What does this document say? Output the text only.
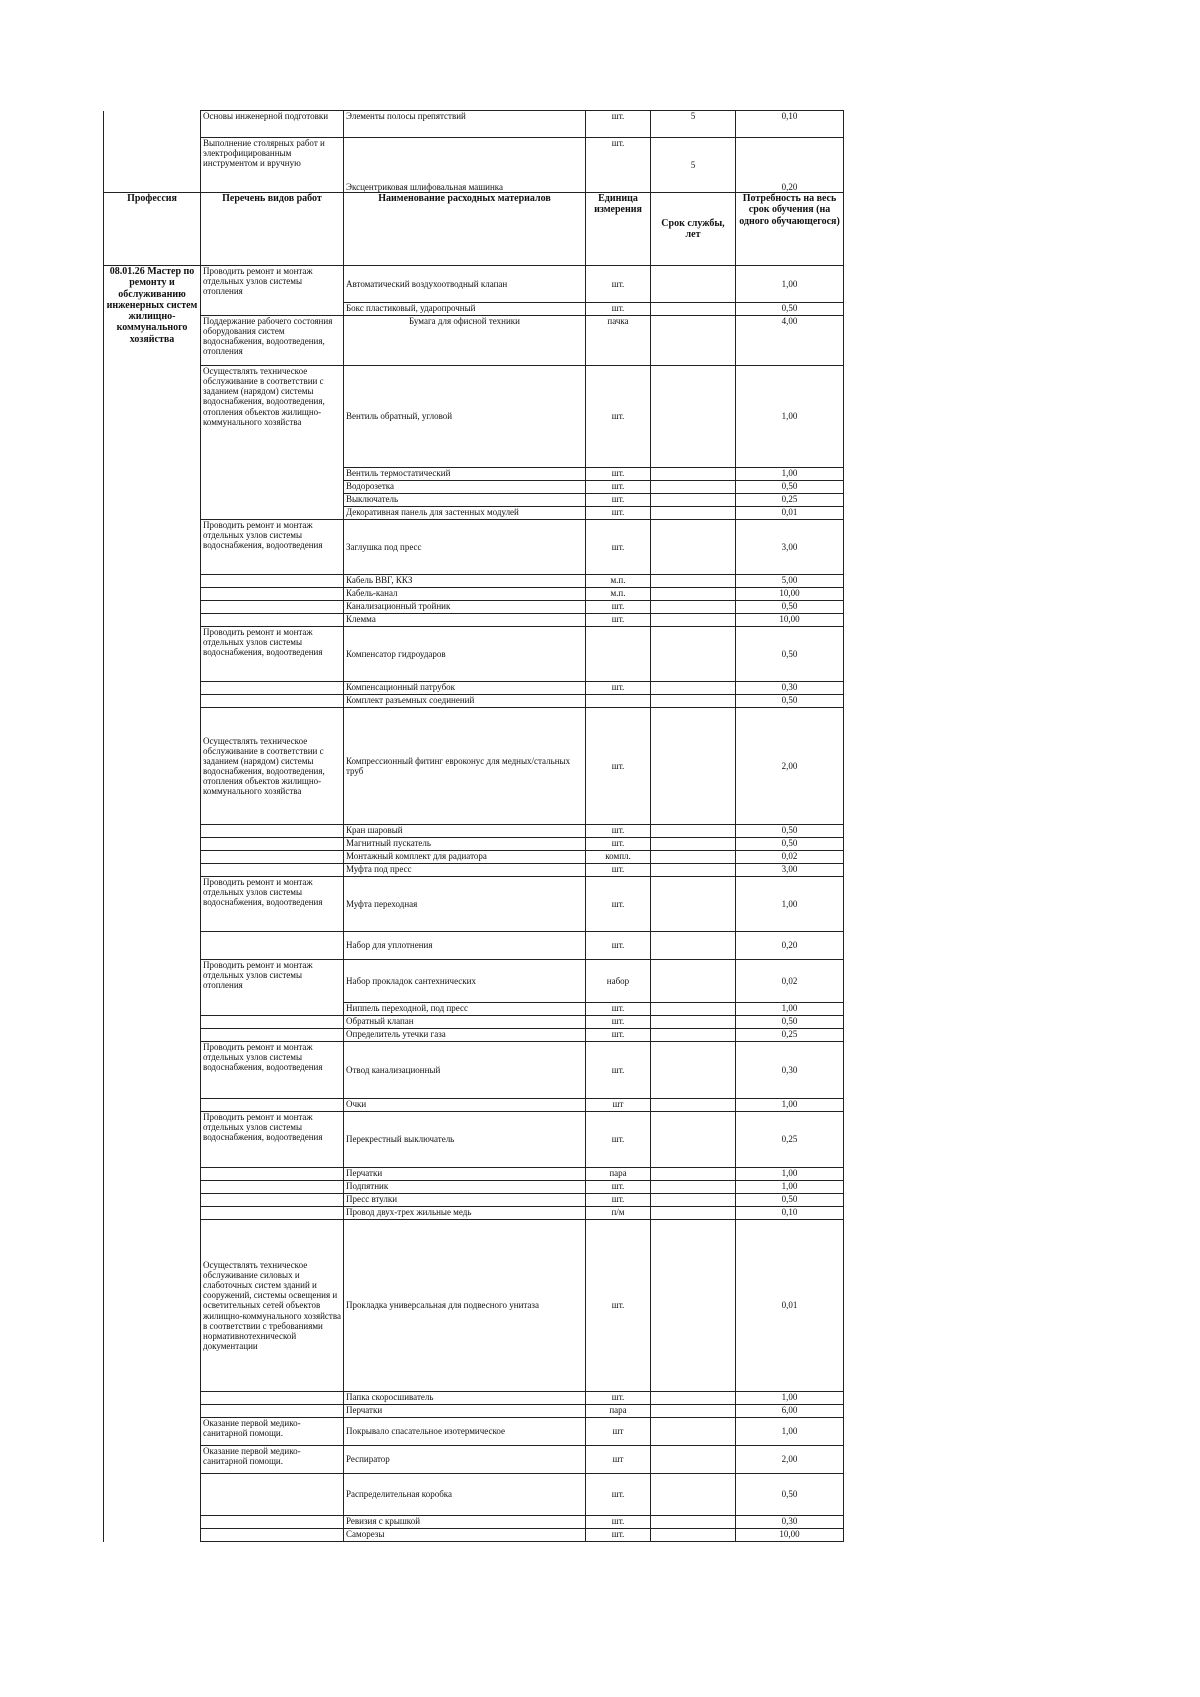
	Основы инженерной подготовки	Элементы полосы препятствий	шт.	5	0,10
	Выполнение столярных работ и электрофицированным инструментом и вручную	Эксцентриковая шлифовальная машинка	шт.	5	0,20
Профессия	Перечень видов работ	Наименование расходных материалов	Единица измерения	Срок службы, лет	Потребность на весь срок обучения (на одного обучающегося)
08.01.26 Мастер по ремонту и обслуживанию инженерных систем жилищно-коммунального хозяйства	Проводить ремонт и монтаж отдельных узлов системы отопления	Автоматический воздухоотводный клапан	шт.		1,00
		Бокс пластиковый, ударопрочный	шт.		0,50
	Поддержание рабочего состояния оборудования систем водоснабжения, водоотведения, отопления	Бумага для офисной техники	пачка		4,00
	Осуществлять техническое обслуживание в соответствии с заданием (нарядом) системы водоснабжения, водоотведения, отопления объектов жилищно-коммунального хозяйства	Вентиль обратный, угловой	шт.		1,00
		Вентиль термостатический	шт.		1,00
		Водорозетка	шт.		0,50
		Выключатель	шт.		0,25
		Декоративная панель для застенных модулей	шт.		0,01
	Проводить ремонт и монтаж отдельных узлов системы водоснабжения, водоотведения	Заглушка под пресс	шт.		3,00
		Кабель ВВГ, ККЗ	м.п.		5,00
		Кабель-канал	м.п.		10,00
		Канализационный тройник	шт.		0,50
		Клемма	шт.		10,00
	Проводить ремонт и монтаж отдельных узлов системы водоснабжения, водоотведения	Компенсатор гидроударов			0,50
		Компенсационный патрубок	шт.		0,30
		Комплект разъемных соединений			0,50
	Осуществлять техническое обслуживание в соответствии с заданием (нарядом) системы водоснабжения, водоотведения, отопления объектов жилищно-коммунального хозяйства	Компрессионный фитинг евроконус для медных/стальных труб	шт.		2,00
		Кран шаровый	шт.		0,50
		Магнитный пускатель	шт.		0,50
		Монтажный комплект для радиатора	компл.		0,02
		Муфта под пресс	шт.		3,00
	Проводить ремонт и монтаж отдельных узлов системы водоснабжения, водоотведения	Муфта переходная	шт.		1,00
		Набор для уплотнения	шт.		0,20
	Проводить ремонт и монтаж отдельных узлов системы отопления	Набор прокладок сантехнических	набор		0,02
		Ниппель переходной, под пресс	шт.		1,00
		Обратный клапан	шт.		0,50
		Определитель утечки газа	шт.		0,25
	Проводить ремонт и монтаж отдельных узлов системы водоснабжения, водоотведения	Отвод канализационный	шт.		0,30
		Очки	шт		1,00
	Проводить ремонт и монтаж отдельных узлов системы водоснабжения, водоотведения	Перекрестный выключатель	шт.		0,25
		Перчатки	пара		1,00
		Подпятник	шт.		1,00
		Пресс втулки	шт.		0,50
		Провод двух-трех жильные медь	п/м		0,10
	Осуществлять техническое обслуживание силовых и слаботочных систем зданий и сооружений, системы освещения и осветительных сетей объектов жилищно-коммунального хозяйства в соответствии с требованиями нормативнотехнической документации	Прокладка универсальная для подвесного унитаза	шт.		0,01
		Папка скоросшиватель	шт.		1,00
		Перчатки	пара		6,00
	Оказание первой медико-санитарной помощи.	Покрывало спасательное изотермическое	шт		1,00
	Оказание первой медико-санитарной помощи.	Респиратор	шт		2,00
		Распределительная коробка	шт.		0,50
		Ревизия с крышкой	шт.		0,30
		Саморезы	шт.		10,00
